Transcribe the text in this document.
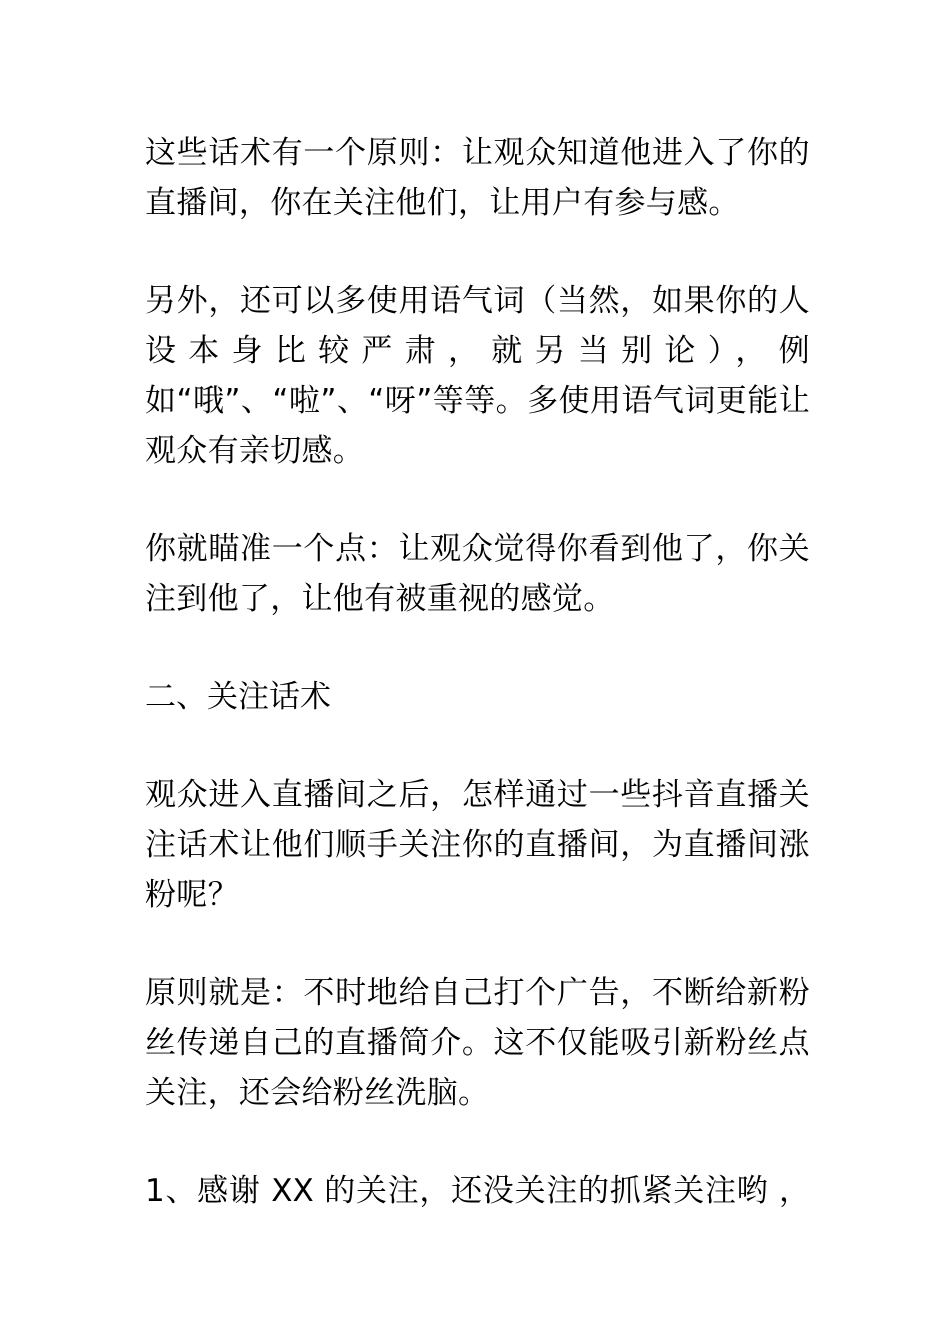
这些话术有一个原则：让观众知道他进入了你的直播间，你在关注他们，让用户有参与感。

另外，还可以多使用语气词（当然，如果你的人设本身比较严肃，就另当别论），例如“哦”、“啦”、“呀”等等。多使用语气词更能让观众有亲切感。

你就瞄准一个点：让观众觉得你看到他了，你关注到他了，让他有被重视的感觉。

二、关注话术

观众进入直播间之后，怎样通过一些抖音直播关注话术让他们顺手关注你的直播间，为直播间涨粉呢？

原则就是：不时地给自己打个广告，不断给新粉丝传递自己的直播简介。这不仅能吸引新粉丝点关注，还会给粉丝洗脑。

1、感谢 XX 的关注，还没关注的抓紧关注哟 ，
